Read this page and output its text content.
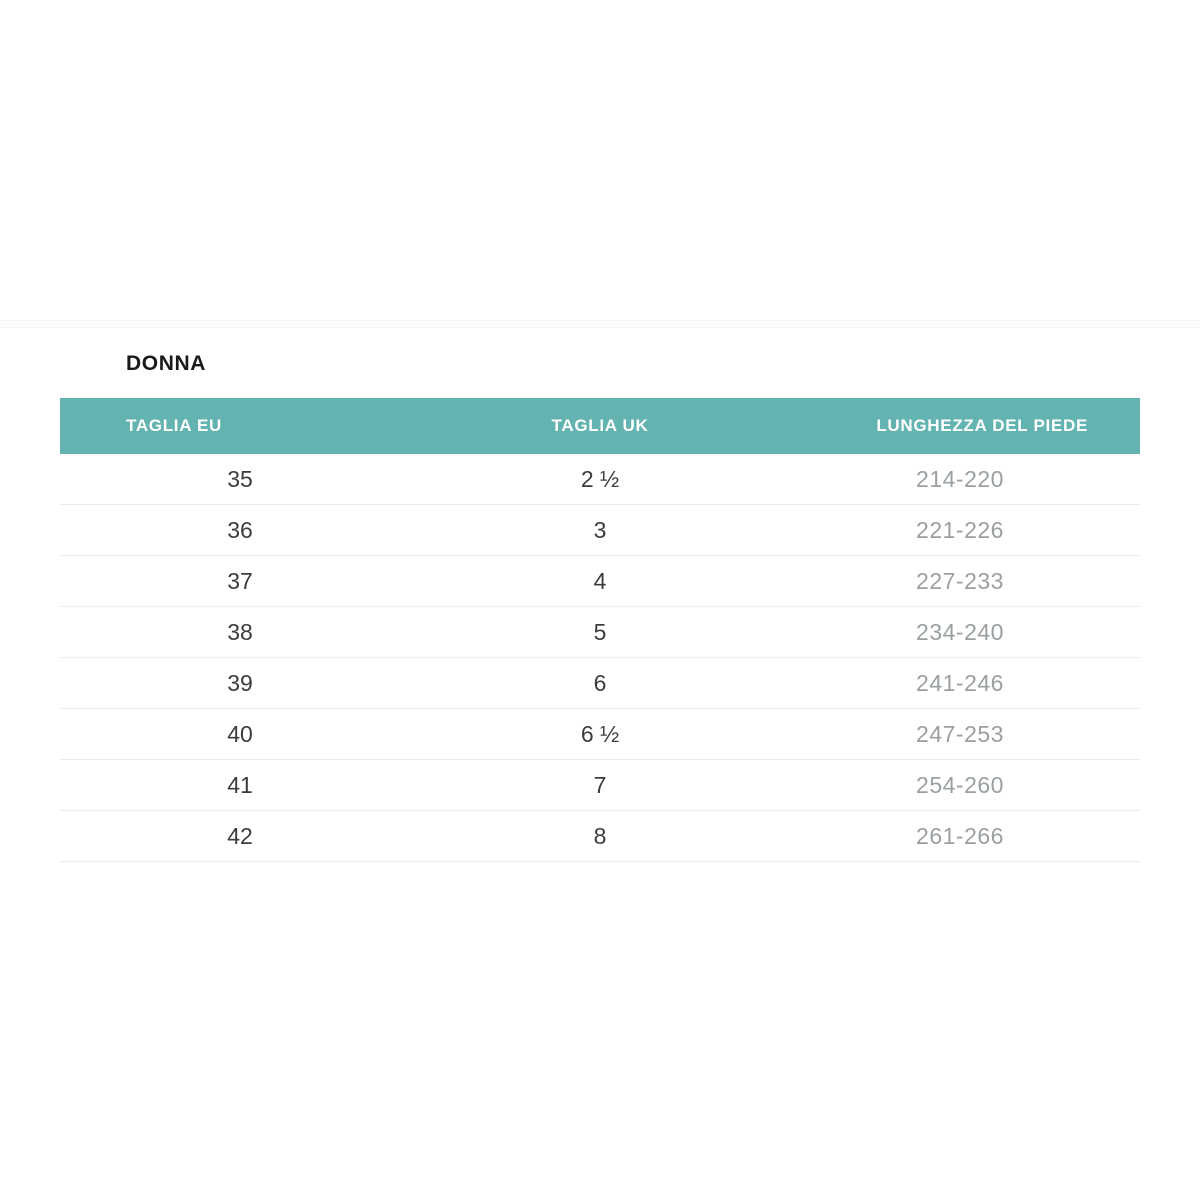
DONNA
TAGLIA EU	TAGLIA UK	LUNGHEZZA DEL PIEDE
35	2 ½	214-220
36	3	221-226
37	4	227-233
38	5	234-240
39	6	241-246
40	6 ½	247-253
41	7	254-260
42	8	261-266
